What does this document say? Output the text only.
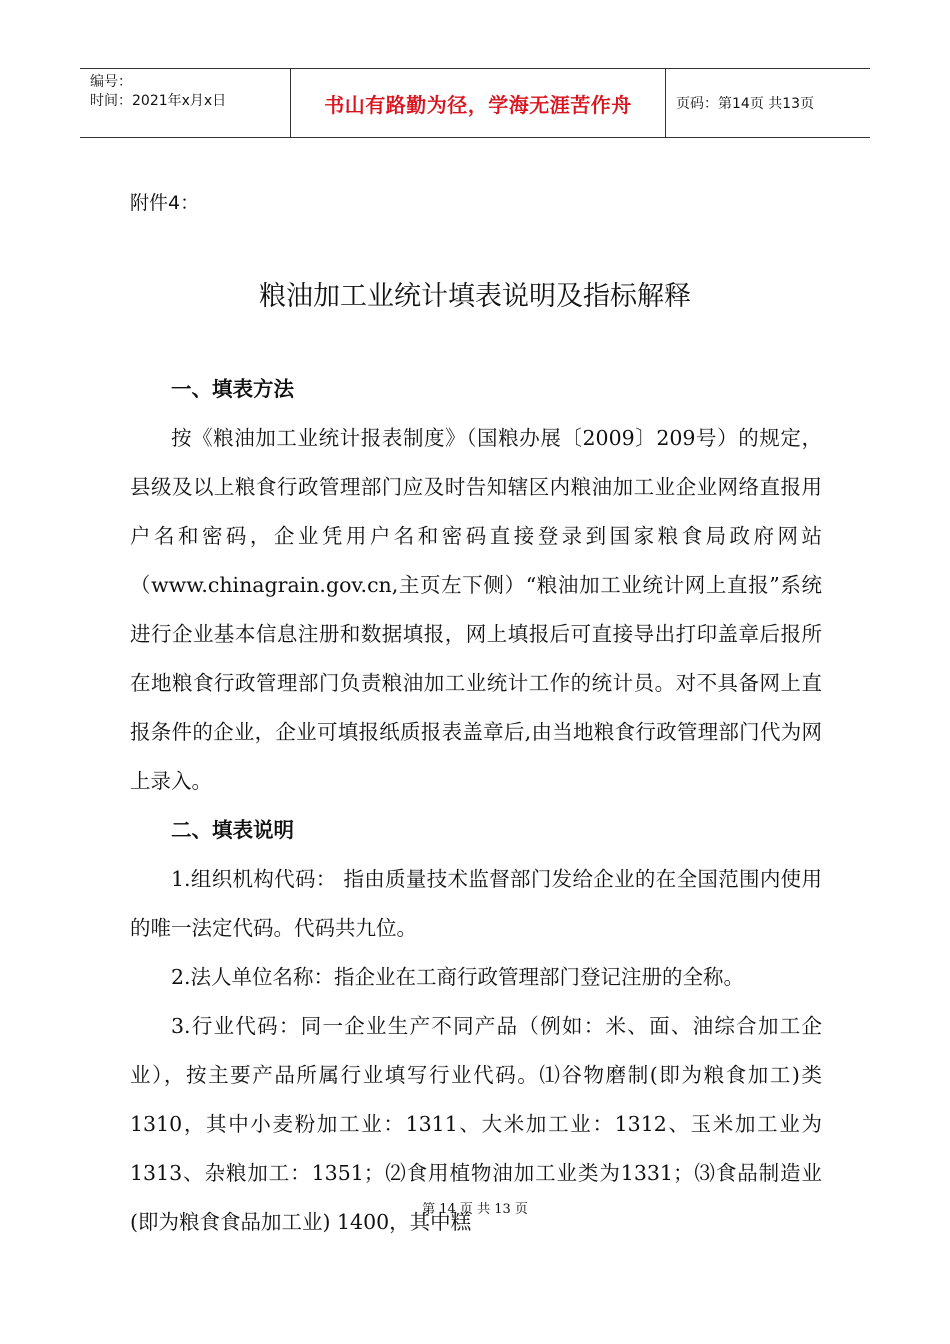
编号：
时间：2021年x月x日	书山有路勤为径，学海无涯苦作舟	页码：第14页 共13页
附件4：
粮油加工业统计填表说明及指标解释
一、填表方法

按《粮油加工业统计报表制度》（国粮办展〔2009〕209号）的规定，县级及以上粮食行政管理部门应及时告知辖区内粮油加工业企业网络直报用户名和密码，企业凭用户名和密码直接登录到国家粮食局政府网站（www.chinagrain.gov.cn,主页左下侧）“粮油加工业统计网上直报”系统进行企业基本信息注册和数据填报，网上填报后可直接导出打印盖章后报所在地粮食行政管理部门负责粮油加工业统计工作的统计员。对不具备网上直报条件的企业，企业可填报纸质报表盖章后,由当地粮食行政管理部门代为网上录入。

二、填表说明

1.组织机构代码： 指由质量技术监督部门发给企业的在全国范围内使用的唯一法定代码。代码共九位。

2.法人单位名称：指企业在工商行政管理部门登记注册的全称。

3.行业代码：同一企业生产不同产品（例如：米、面、油综合加工企业），按主要产品所属行业填写行业代码。⑴谷物磨制(即为粮食加工)类1310，其中小麦粉加工业：1311、大米加工业：1312、玉米加工业为1313、杂粮加工：1351；⑵食用植物油加工业类为1331；⑶食品制造业(即为粮食食品加工业) 1400，其中糕

第 14 页 共 13 页
